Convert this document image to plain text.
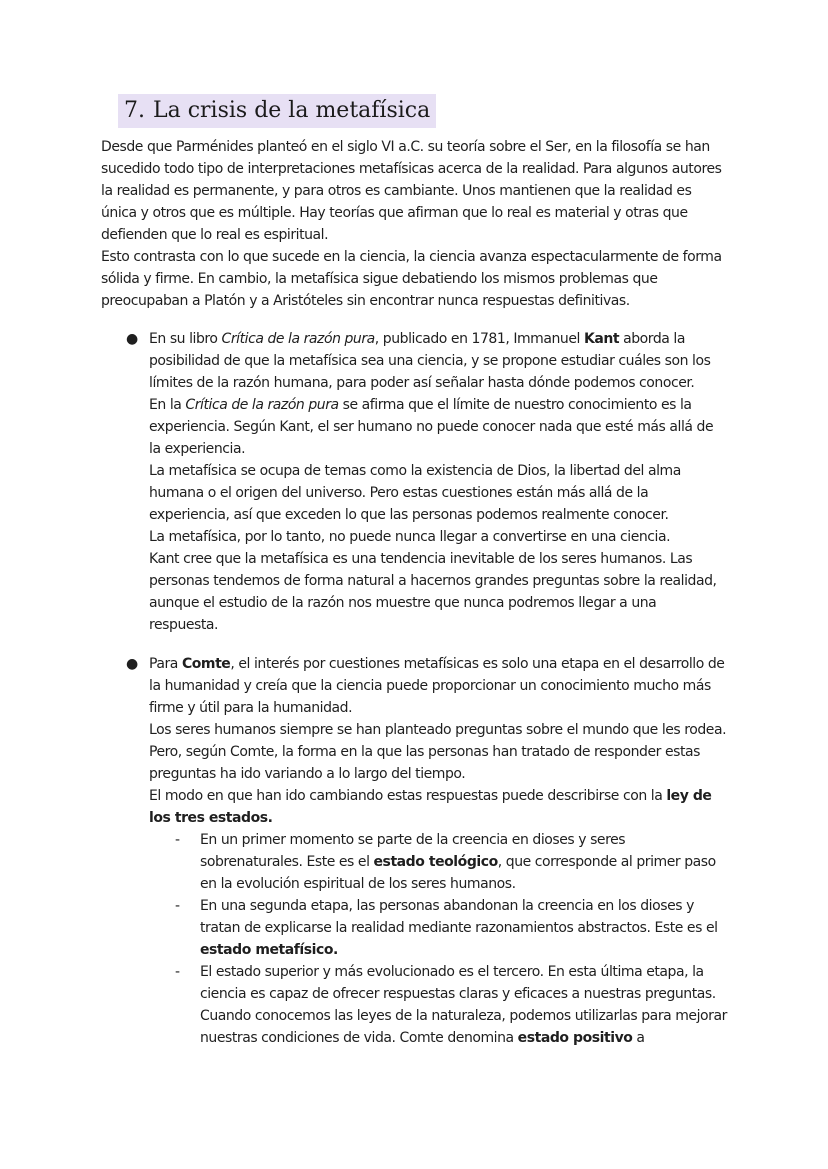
7. La crisis de la metafísica

Desde que Parménides planteó en el siglo VI a.C. su teoría sobre el Ser, en la filosofía se han sucedido todo tipo de interpretaciones metafísicas acerca de la realidad. Para algunos autores la realidad es permanente, y para otros es cambiante. Unos mantienen que la realidad es única y otros que es múltiple. Hay teorías que afirman que lo real es material y otras que defienden que lo real es espiritual.

Esto contrasta con lo que sucede en la ciencia, la ciencia avanza espectacularmente de forma sólida y firme. En cambio, la metafísica sigue debatiendo los mismos problemas que preocupaban a Platón y a Aristóteles sin encontrar nunca respuestas definitivas.

● En su libro Crítica de la razón pura, publicado en 1781, Immanuel Kant aborda la posibilidad de que la metafísica sea una ciencia, y se propone estudiar cuáles son los límites de la razón humana, para poder así señalar hasta dónde podemos conocer.

En la Crítica de la razón pura se afirma que el límite de nuestro conocimiento es la experiencia. Según Kant, el ser humano no puede conocer nada que esté más allá de la experiencia.

La metafísica se ocupa de temas como la existencia de Dios, la libertad del alma humana o el origen del universo. Pero estas cuestiones están más allá de la experiencia, así que exceden lo que las personas podemos realmente conocer.

La metafísica, por lo tanto, no puede nunca llegar a convertirse en una ciencia.

Kant cree que la metafísica es una tendencia inevitable de los seres humanos. Las personas tendemos de forma natural a hacernos grandes preguntas sobre la realidad, aunque el estudio de la razón nos muestre que nunca podremos llegar a una respuesta.

● Para Comte, el interés por cuestiones metafísicas es solo una etapa en el desarrollo de la humanidad y creía que la ciencia puede proporcionar un conocimiento mucho más firme y útil para la humanidad.

Los seres humanos siempre se han planteado preguntas sobre el mundo que les rodea. Pero, según Comte, la forma en la que las personas han tratado de responder estas preguntas ha ido variando a lo largo del tiempo.

El modo en que han ido cambiando estas respuestas puede describirse con la ley de los tres estados.

- En un primer momento se parte de la creencia en dioses y seres sobrenaturales. Este es el estado teológico, que corresponde al primer paso en la evolución espiritual de los seres humanos.
- En una segunda etapa, las personas abandonan la creencia en los dioses y tratan de explicarse la realidad mediante razonamientos abstractos. Este es el estado metafísico.
- El estado superior y más evolucionado es el tercero. En esta última etapa, la ciencia es capaz de ofrecer respuestas claras y eficaces a nuestras preguntas. Cuando conocemos las leyes de la naturaleza, podemos utilizarlas para mejorar nuestras condiciones de vida. Comte denomina estado positivo a
